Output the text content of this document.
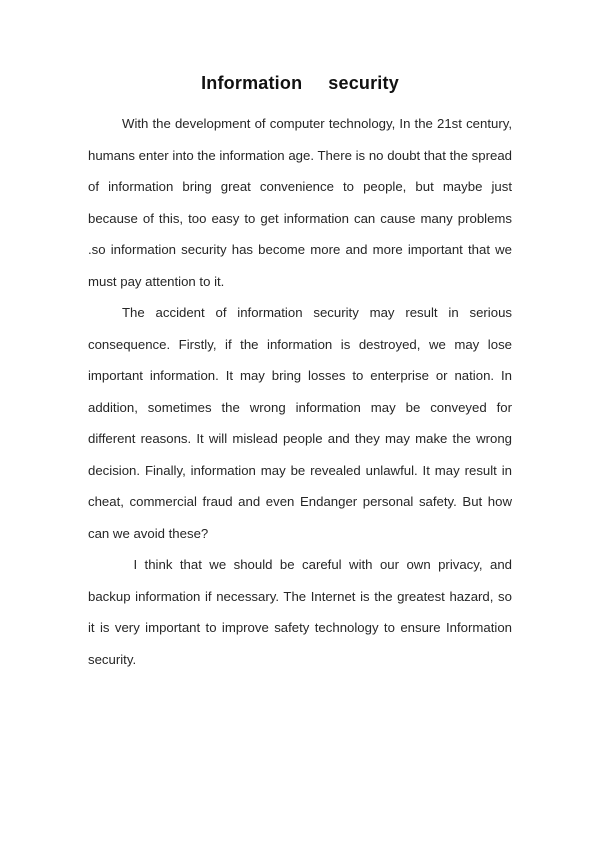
Information     security

With the development of computer technology, In the 21st century, humans enter into the information age. There is no doubt that the spread of information bring great convenience to people, but maybe just because of this, too easy to get information can cause many problems .so information security has become more and more important that we must pay attention to it.

The accident of information security may result in serious consequence. Firstly, if the information is destroyed, we may lose important information. It may bring losses to enterprise or nation. In addition, sometimes the wrong information may be conveyed for different reasons. It will mislead people and they may make the wrong decision. Finally, information may be revealed unlawful. It may result in cheat, commercial fraud and even Endanger personal safety. But how can we avoid these?

I think that we should be careful with our own privacy, and backup information if necessary. The Internet is the greatest hazard, so it is very important to improve safety technology to ensure Information security.
